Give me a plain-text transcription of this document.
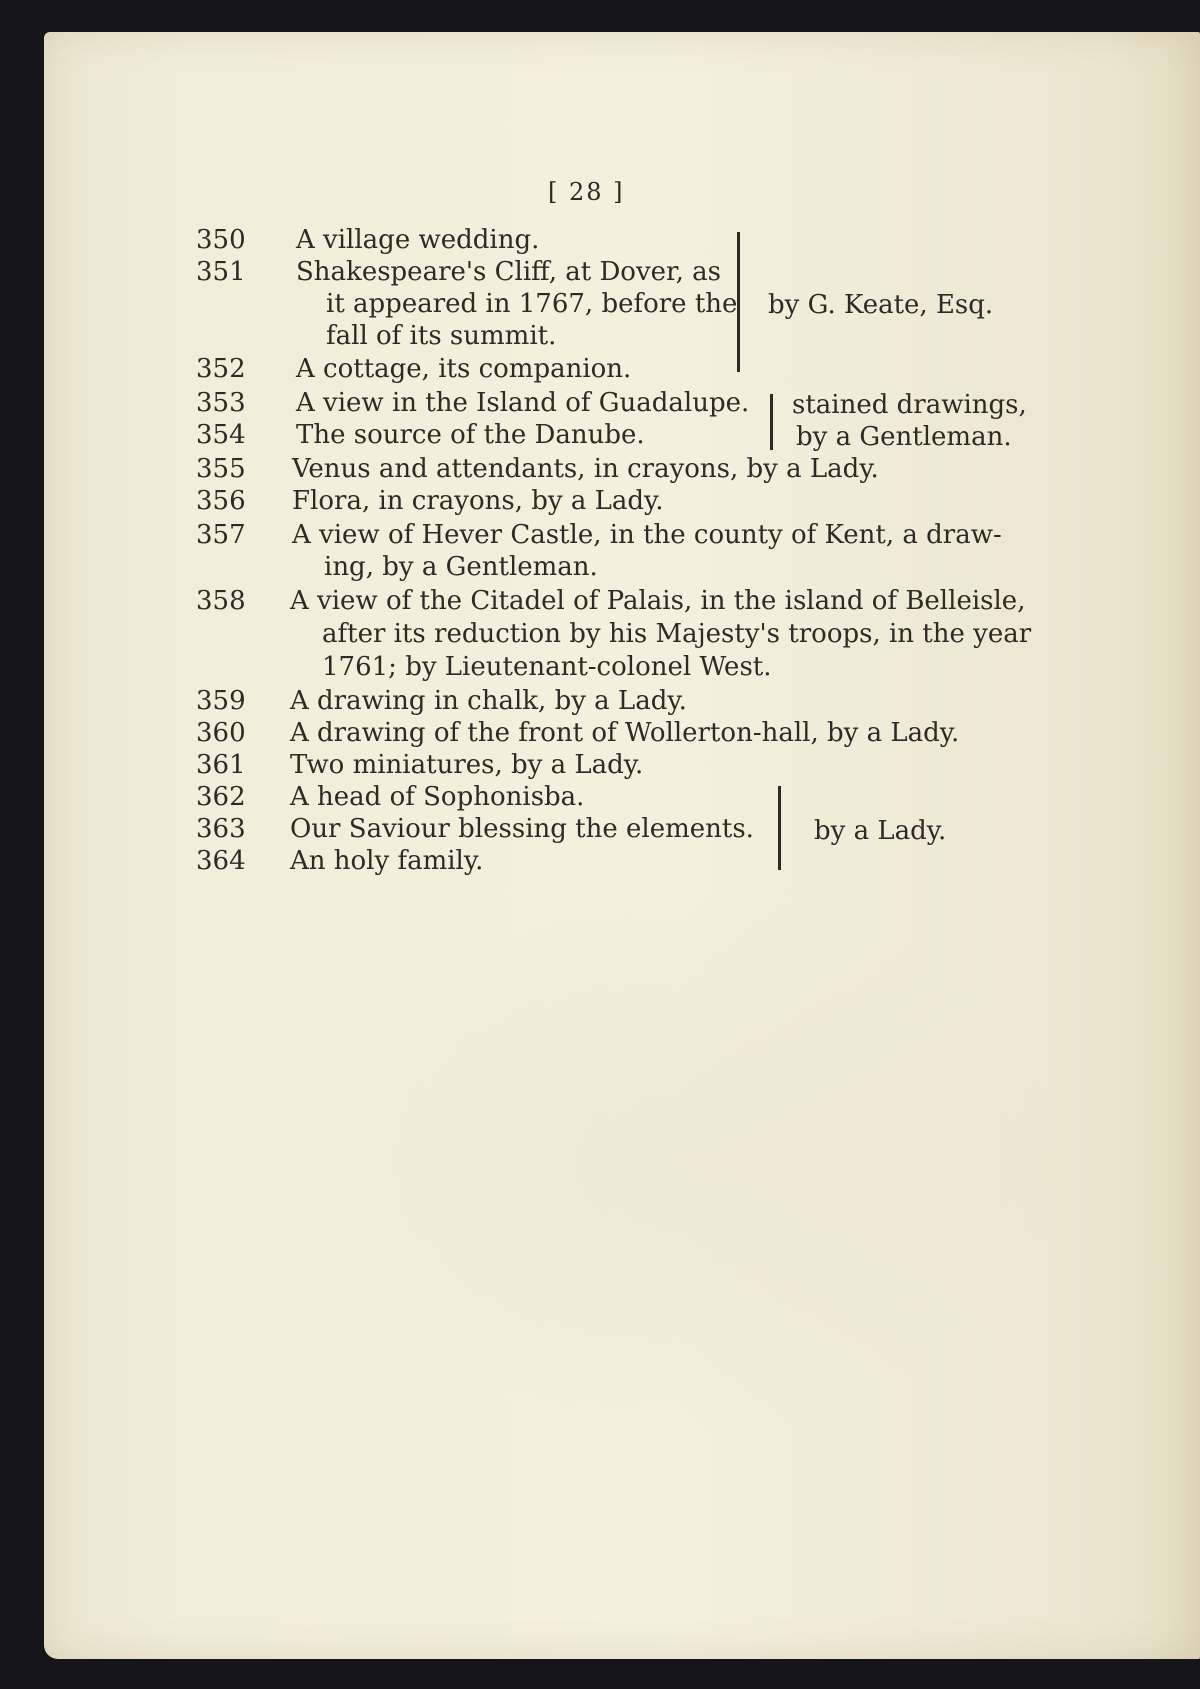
[ 28 ]
350	A village wedding.
351	Shakespeare's Cliff, at Dover, as
it appeared in 1767, before the
fall of its summit.
352	A cottage, its companion.
by G. Keate, Esq.
353	A view in the Island of Guadalupe.
354	The source of the Danube.
stained drawings,
by a Gentleman.
355	Venus and attendants, in crayons, by a Lady.
356	Flora, in crayons, by a Lady.
357	A view of Hever Castle, in the county of Kent, a draw-
ing, by a Gentleman.
358	A view of the Citadel of Palais, in the island of Belleisle,
after its reduction by his Majesty's troops, in the year
1761; by Lieutenant-colonel West.
359	A drawing in chalk, by a Lady.
360	A drawing of the front of Wollerton-hall, by a Lady.
361	Two miniatures, by a Lady.
362	A head of Sophonisba.
363	Our Saviour blessing the elements.
364	An holy family.
by a Lady.
